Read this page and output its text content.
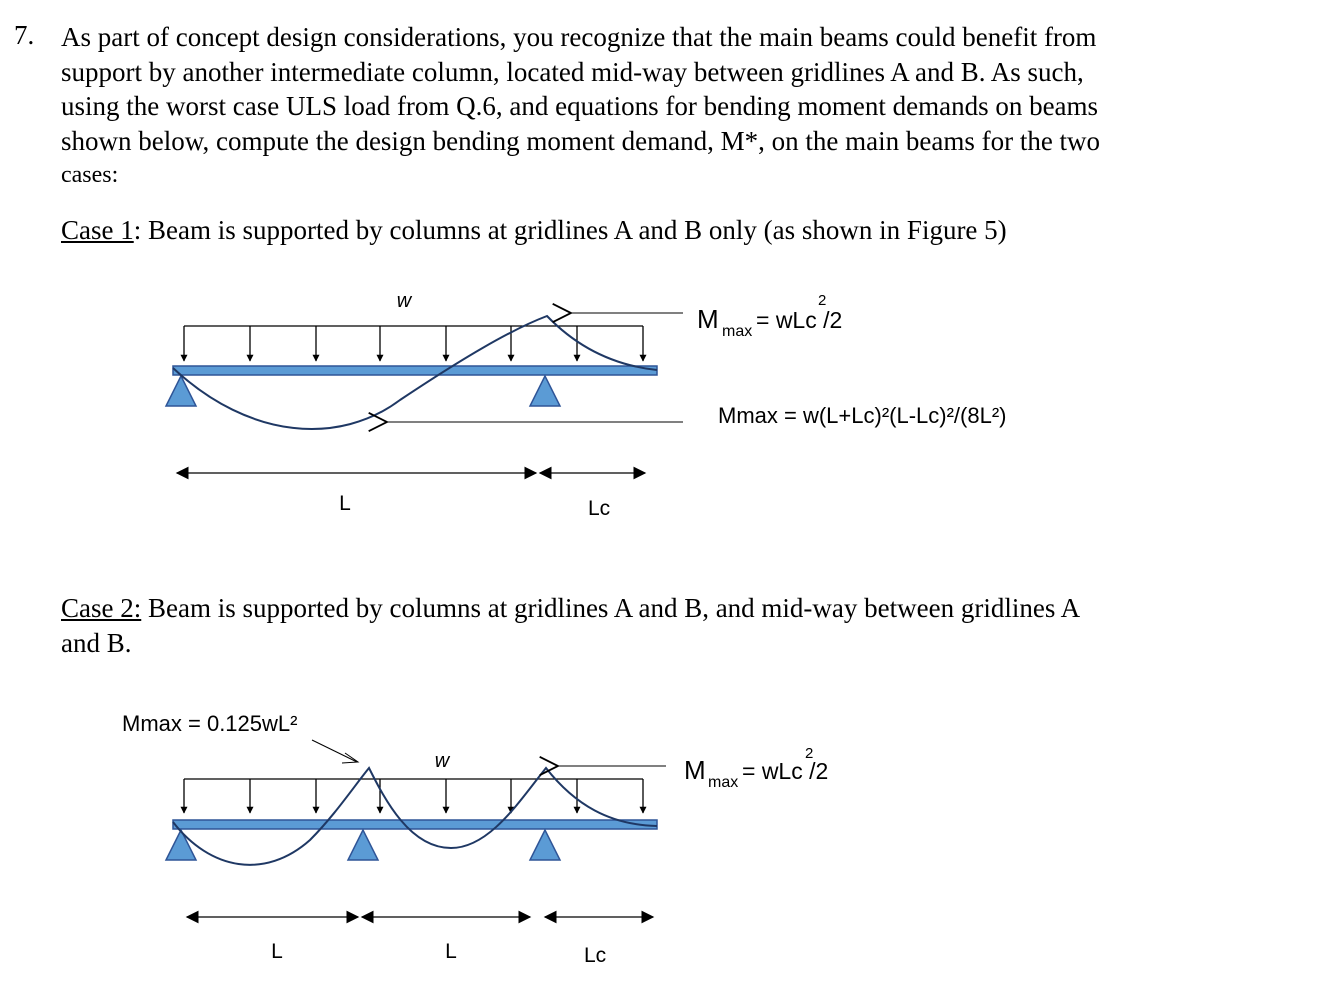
7. As part of concept design considerations, you recognize that the main beams could benefit from
support by another intermediate column, located mid-way between gridlines A and B. As such,
using the worst case ULS load from Q.6, and equations for bending moment demands on beams
shown below, compute the design bending moment demand, M*, on the main beams for the two
cases:
Case 1: Beam is supported by columns at gridlines A and B only (as shown in Figure 5)
Case 2: Beam is supported by columns at gridlines A and B, and mid-way between gridlines A
and B.
w
M max
2
= wLc /2
Mmax = w(L+Lc)²(L-Lc)²/(8L²)
L	Lc
Mmax = 0.125wL²
w	M max
2
= wLc /2
L	L	Lc
